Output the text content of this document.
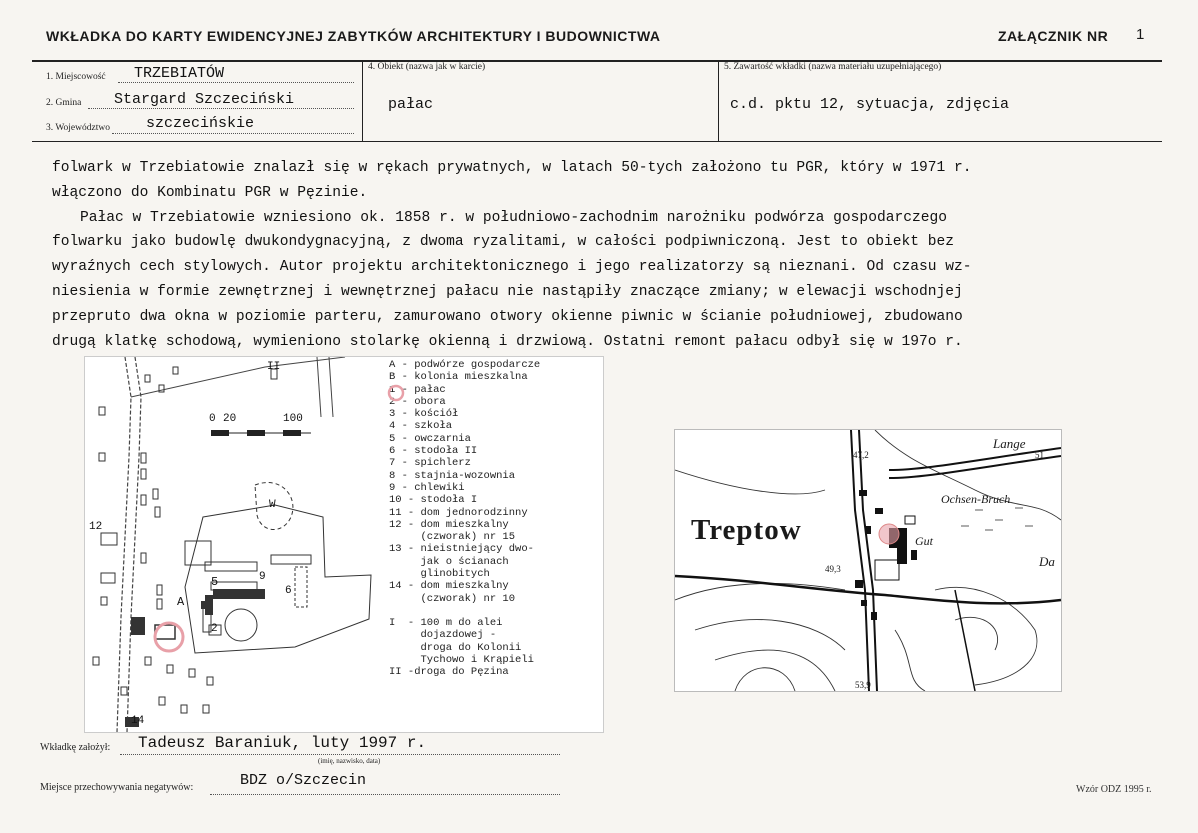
WKŁADKA DO KARTY EWIDENCYJNEJ ZABYTKÓW ARCHITEKTURY I BUDOWNICTWA	ZAŁĄCZNIK NR 1
1. Miejscowość TRZEBIATÓW
2. Gmina Stargard Szczeciński
3. Województwo szczecińskie
4. Obiekt (nazwa jak w karcie)
pałac
5. Zawartość wkładki (nazwa materiału uzupełniającego)
c.d. pktu 12, sytuacja, zdjęcia

folwark w Trzebiatowie znalazł się w rękach prywatnych, w latach 50-tych założono tu PGR, który w 1971 r.
włączono do Kombinatu PGR w Pęzinie.

Pałac w Trzebiatowie wzniesiono ok. 1858 r. w południowo-zachodnim narożniku podwórza gospodarczego
folwarku jako budowlę dwukondygnacyjną, z dwoma ryzalitami, w całości podpiwniczoną. Jest to obiekt bez
wyraźnych cech stylowych. Autor projektu architektonicznego i jego realizatorzy są nieznani. Od czasu wz-
niesienia w formie zewnętrznej i wewnętrznej pałacu nie nastąpiły znaczące zmiany; w elewacji wschodnjej
przepruto dwa okna w poziomie parteru, zamurowano otwory okienne piwnic w ścianie południowej, zbudowano
drugą klatkę schodową, wymieniono stolarkę okienną i drzwiową. Ostatni remont pałacu odbył się w 197o r.

0 20	100
W
A
2
5
6
9
12
14
II	A - podwórze gospodarcze
B - kolonia mieszkalna
1 - pałac
2 - obora
3 - kościół
4 - szkoła
5 - owczarnia
6 - stodoła II
7 - spichlerz
8 - stajnia-wozownia
9 - chlewiki
10 - stodoła I
11 - dom jednorodzinny
12 - dom mieszkalny
(czworak) nr 15
13 - nieistniejący dwo-
jak o ścianach
glinobitych
14 - dom mieszkalny
(czworak) nr 10
I  - 100 m do alei
dojazdowej -
droga do Kolonii
Tychowo i Krąpieli
II -droga do Pęzina
Treptow
Lange
Ochsen-Bruch
Gut
47,2
49,3
53,9
51
Da
Wkładkę założył: Tadeusz Baraniuk, luty 1997 r.
(imię, nazwisko, data)
Miejsce przechowywania negatywów:	BDZ o/Szczecin
Wzór ODZ 1995 r.
